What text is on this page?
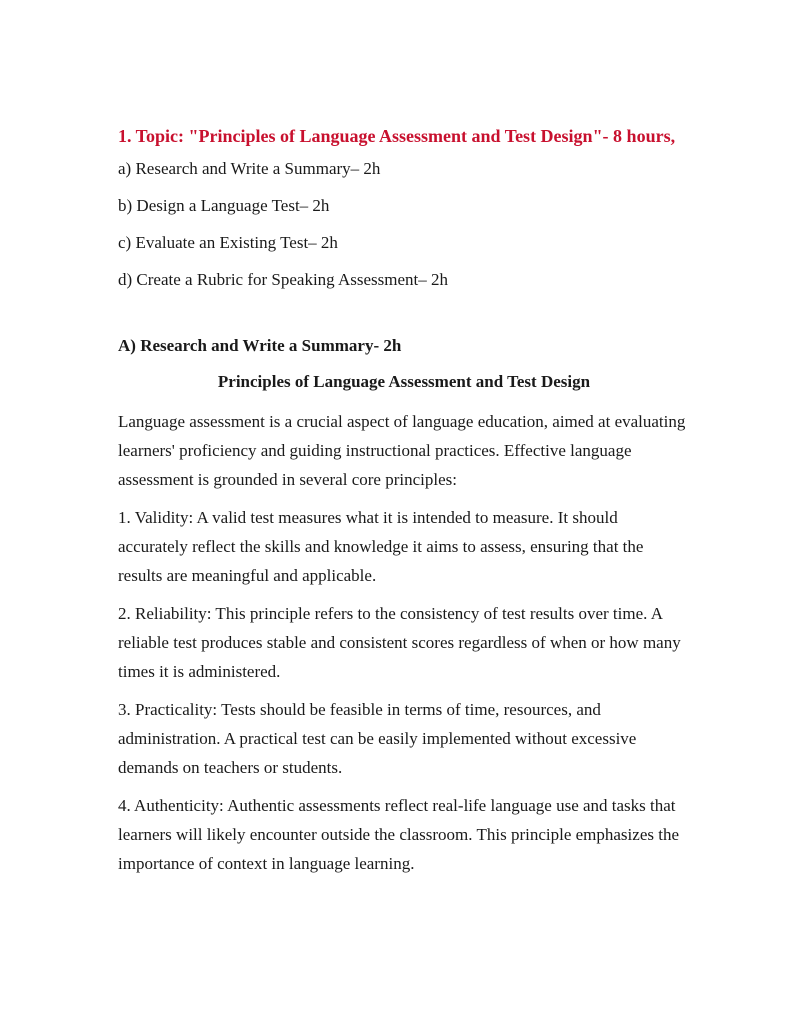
1. Topic: "Principles of Language Assessment and Test Design"- 8 hours,
a) Research and Write a Summary– 2h
b) Design a Language Test– 2h
c) Evaluate an Existing Test– 2h
d) Create a Rubric for Speaking Assessment– 2h
A) Research and Write a Summary- 2h
Principles of Language Assessment and Test Design

Language assessment is a crucial aspect of language education, aimed at evaluating learners' proficiency and guiding instructional practices. Effective language assessment is grounded in several core principles:

1. Validity: A valid test measures what it is intended to measure. It should accurately reflect the skills and knowledge it aims to assess, ensuring that the results are meaningful and applicable.

2. Reliability: This principle refers to the consistency of test results over time. A reliable test produces stable and consistent scores regardless of when or how many times it is administered.

3. Practicality: Tests should be feasible in terms of time, resources, and administration. A practical test can be easily implemented without excessive demands on teachers or students.

4. Authenticity: Authentic assessments reflect real-life language use and tasks that learners will likely encounter outside the classroom. This principle emphasizes the importance of context in language learning.
